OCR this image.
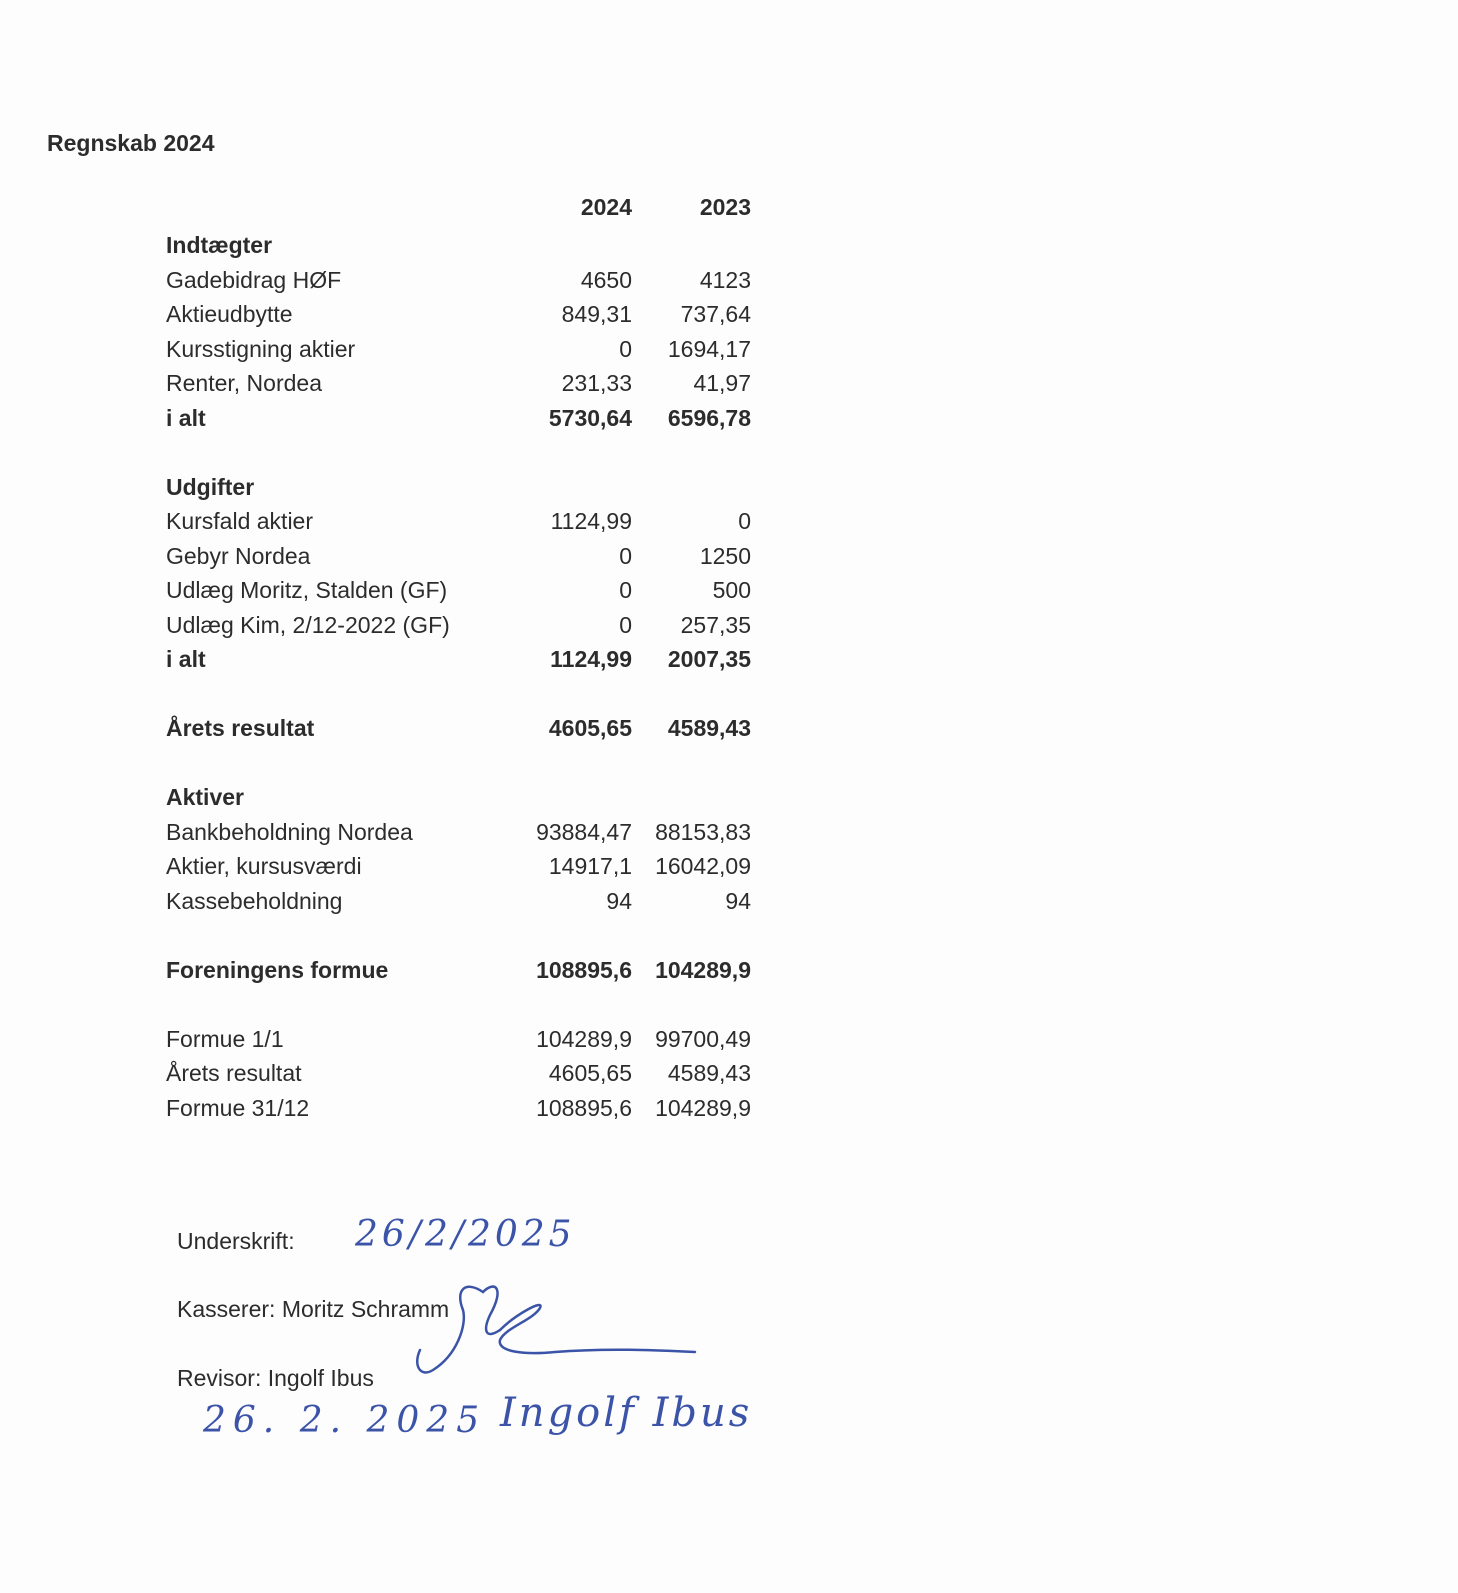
Regnskab 2024
2024	2023
Indtægter
Gadebidrag HØF	4650	4123
Aktieudbytte	849,31	737,64
Kursstigning aktier	0	1694,17
Renter, Nordea	231,33	41,97
i alt	5730,64	6596,78
Udgifter
Kursfald aktier	1124,99	0
Gebyr Nordea	0	1250
Udlæg Moritz, Stalden (GF)	0	500
Udlæg Kim, 2/12-2022 (GF)	0	257,35
i alt	1124,99	2007,35
Årets resultat	4605,65	4589,43
Aktiver
Bankbeholdning Nordea	93884,47	88153,83
Aktier, kursusværdi	14917,1	16042,09
Kassebeholdning	94	94
Foreningens formue	108895,6	104289,9
Formue 1/1	104289,9	99700,49
Årets resultat	4605,65	4589,43
Formue 31/12	108895,6	104289,9
Underskrift:
Kasserer: Moritz Schramm
Revisor: Ingolf Ibus
26/2/2025
26. 2. 2025 Ingolf Ibus
